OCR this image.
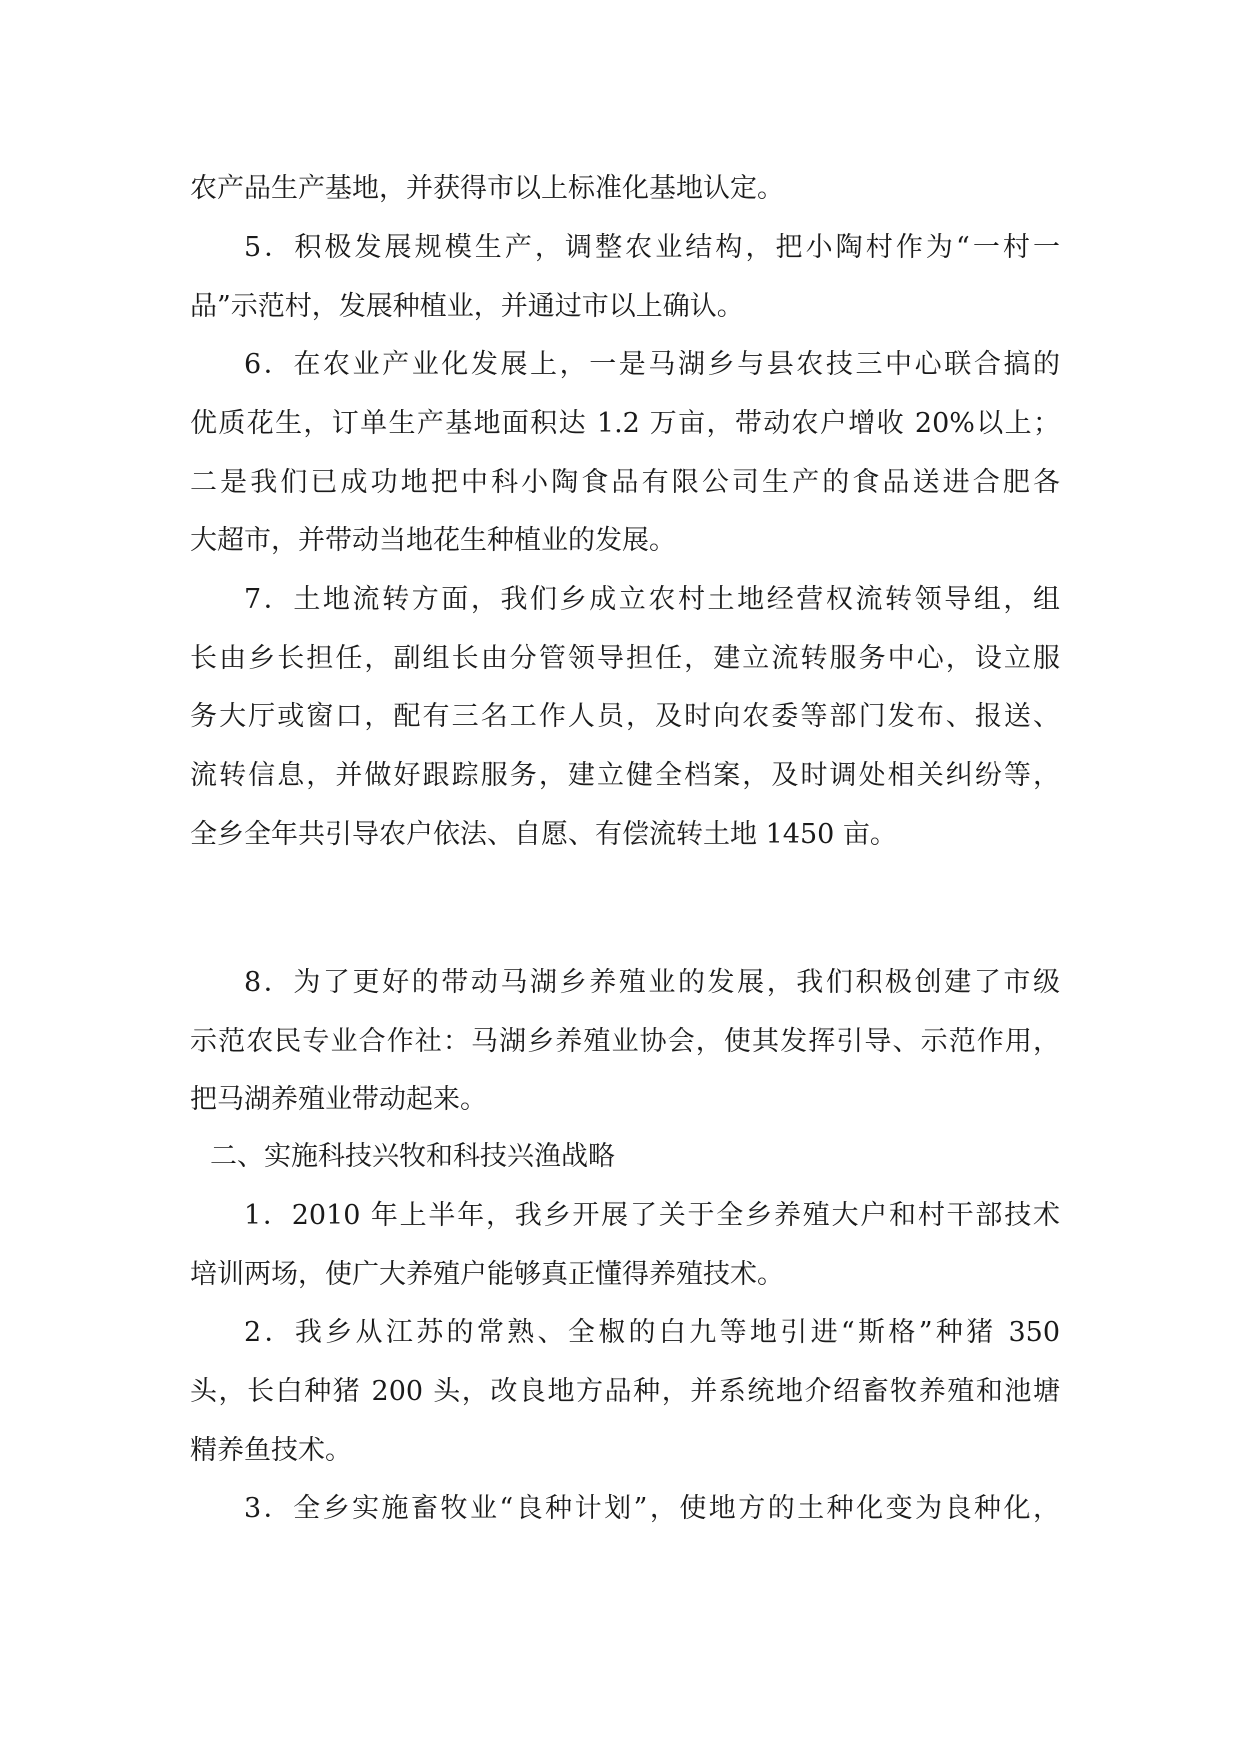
农产品生产基地，并获得市以上标准化基地认定。
5．积极发展规模生产，调整农业结构，把小陶村作为“一村一
品”示范村，发展种植业，并通过市以上确认。
6．在农业产业化发展上，一是马湖乡与县农技三中心联合搞的
优质花生，订单生产基地面积达 1.2 万亩，带动农户增收 20%以上；
二是我们已成功地把中科小陶食品有限公司生产的食品送进合肥各
大超市，并带动当地花生种植业的发展。
7．土地流转方面，我们乡成立农村土地经营权流转领导组，组
长由乡长担任，副组长由分管领导担任，建立流转服务中心，设立服
务大厅或窗口，配有三名工作人员，及时向农委等部门发布、报送、
流转信息，并做好跟踪服务，建立健全档案，及时调处相关纠纷等，
全乡全年共引导农户依法、自愿、有偿流转土地 1450 亩。
8．为了更好的带动马湖乡养殖业的发展，我们积极创建了市级
示范农民专业合作社：马湖乡养殖业协会，使其发挥引导、示范作用，
把马湖养殖业带动起来。
二、实施科技兴牧和科技兴渔战略
1．2010 年上半年，我乡开展了关于全乡养殖大户和村干部技术
培训两场，使广大养殖户能够真正懂得养殖技术。
2．我乡从江苏的常熟、全椒的白九等地引进“斯格”种猪 350
头，长白种猪 200 头，改良地方品种，并系统地介绍畜牧养殖和池塘
精养鱼技术。
3．全乡实施畜牧业“良种计划”，使地方的土种化变为良种化，
